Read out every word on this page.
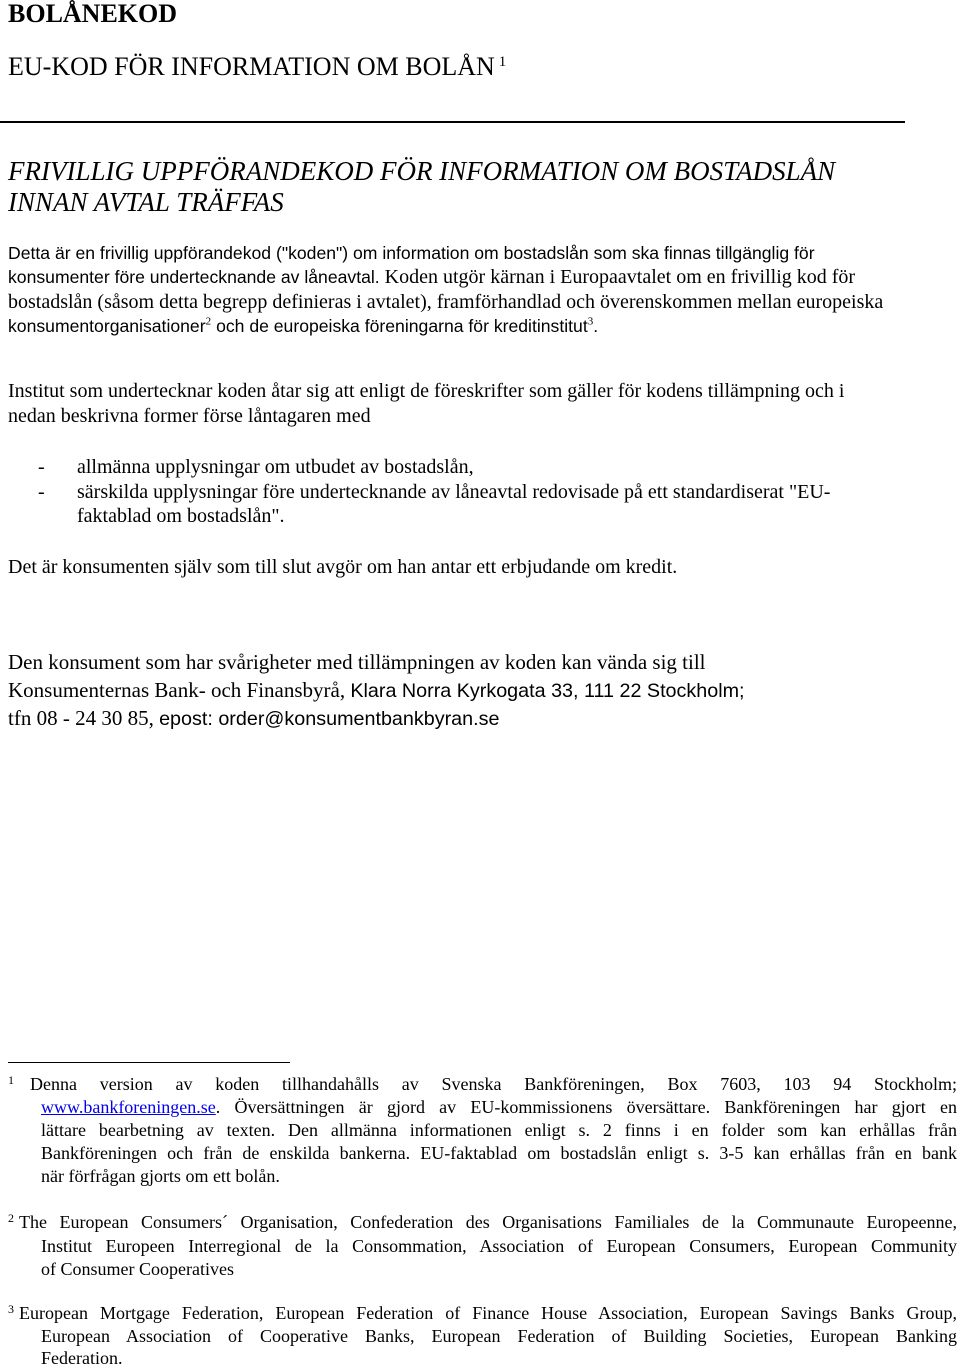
BOLÅNEKOD
EU-KOD FÖR INFORMATION OM BOLÅN $^1$
FRIVILLIG UPPFÖRANDEKOD FÖR INFORMATION OM BOSTADSLÅN
INNAN AVTAL TRÄFFAS
Detta är en frivillig uppförandekod ("koden") om information om bostadslån som ska finnas tillgänglig för
konsumenter före undertecknande av låneavtal. Koden utgör kärnan i Europaavtalet om en frivillig kod för
bostadslån (såsom detta begrepp definieras i avtalet), framförhandlad och överenskommen mellan europeiska
konsumentorganisationer$^2$ och de europeiska föreningarna för kreditinstitut$^3$.
Institut som undertecknar koden åtar sig att enligt de föreskrifter som gäller för kodens tillämpning och i
nedan beskrivna former förse låntagaren med
- allmänna upplysningar om utbudet av bostadslån,
- särskilda upplysningar före undertecknande av låneavtal redovisade på ett standardiserat "EU-
faktablad om bostadslån".
Det är konsumenten själv som till slut avgör om han antar ett erbjudande om kredit.
Den konsument som har svårigheter med tillämpningen av koden kan vända sig till
Konsumenternas Bank- och Finansbyrå, Klara Norra Kyrkogata 33, 111 22 Stockholm;
tfn 08 - 24 30 85, epost: order@konsumentbankbyran.se
1 Denna version av koden tillhandahålls av Svenska Bankföreningen, Box 7603, 103 94 Stockholm;
www.bankforeningen.se. Översättningen är gjord av EU-kommissionens översättare. Bankföreningen har gjort en
lättare bearbetning av texten. Den allmänna informationen enligt s. 2 finns i en folder som kan erhållas från
Bankföreningen och från de enskilda bankerna. EU-faktablad om bostadslån enligt s. 3-5 kan erhållas från en bank
när förfrågan gjorts om ett bolån.
2 The European Consumers´ Organisation, Confederation des Organisations Familiales de la Communaute Europeenne,
Institut Europeen Interregional de la Consommation, Association of European Consumers, European Community
of Consumer Cooperatives
3 European Mortgage Federation, European Federation of Finance House Association, European Savings Banks Group,
European Association of Cooperative Banks, European Federation of Building Societies, European Banking
Federation.
